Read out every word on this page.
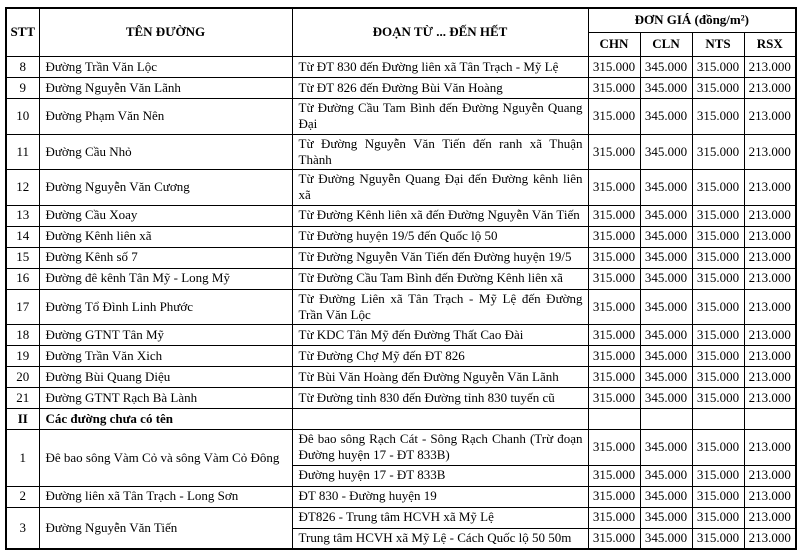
STT	TÊN ĐƯỜNG	ĐOẠN TỪ ... ĐẾN HẾT	ĐƠN GIÁ (đồng/m²)			
			CHN	CLN	NTS	RSX
8	Đường Trần Văn Lộc	Từ ĐT 830 đến Đường liên xã Tân Trạch - Mỹ Lệ	315.000	345.000	315.000	213.000
9	Đường Nguyễn Văn Lãnh	Từ ĐT 826 đến Đường Bùi Văn Hoàng	315.000	345.000	315.000	213.000
10	Đường Phạm Văn Nên	Từ Đường Cầu Tam Bình đến Đường Nguyễn Quang Đại	315.000	345.000	315.000	213.000
11	Đường Cầu Nhỏ	Từ Đường Nguyễn Văn Tiến đến ranh xã Thuận Thành	315.000	345.000	315.000	213.000
12	Đường Nguyễn Văn Cương	Từ Đường Nguyễn Quang Đại đến Đường kênh liên xã	315.000	345.000	315.000	213.000
13	Đường Cầu Xoay	Từ Đường Kênh liên xã đến Đường Nguyễn Văn Tiến	315.000	345.000	315.000	213.000
14	Đường Kênh liên xã	Từ Đường huyện 19/5 đến Quốc lộ 50	315.000	345.000	315.000	213.000
15	Đường Kênh số 7	Từ Đường Nguyễn Văn Tiến đến Đường huyện 19/5	315.000	345.000	315.000	213.000
16	Đường đê kênh Tân Mỹ - Long Mỹ	Từ Đường Cầu Tam Bình đến Đường Kênh liên xã	315.000	345.000	315.000	213.000
17	Đường Tổ Đình Linh Phước	Từ Đường Liên xã Tân Trạch - Mỹ Lệ đến Đường Trần Văn Lộc	315.000	345.000	315.000	213.000
18	Đường GTNT Tân Mỹ	Từ KDC Tân Mỹ đến Đường Thất Cao Đài	315.000	345.000	315.000	213.000
19	Đường Trần Văn Xich	Từ Đường Chợ Mỹ đến ĐT 826	315.000	345.000	315.000	213.000
20	Đường Bùi Quang Diệu	Từ Bùi Văn Hoàng đến Đường Nguyễn Văn Lãnh	315.000	345.000	315.000	213.000
21	Đường GTNT Rạch Bà Lành	Từ Đường tỉnh 830 đến Đường tỉnh 830 tuyến cũ	315.000	345.000	315.000	213.000
II	Các đường chưa có tên					
1	Đê bao sông Vàm Cỏ và sông Vàm Cỏ Đông	Đê bao sông Rạch Cát - Sông Rạch Chanh (Trừ đoạn Đường huyện 17 - ĐT 833B)	315.000	345.000	315.000	213.000
		Đường huyện 17 - ĐT 833B	315.000	345.000	315.000	213.000
2	Đường liên xã Tân Trạch - Long Sơn	ĐT 830 - Đường huyện 19	315.000	345.000	315.000	213.000
3	Đường Nguyễn Văn Tiến	ĐT826 - Trung tâm HCVH xã Mỹ Lệ	315.000	345.000	315.000	213.000
		Trung tâm HCVH xã Mỹ Lệ - Cách Quốc lộ 50 50m	315.000	345.000	315.000	213.000
